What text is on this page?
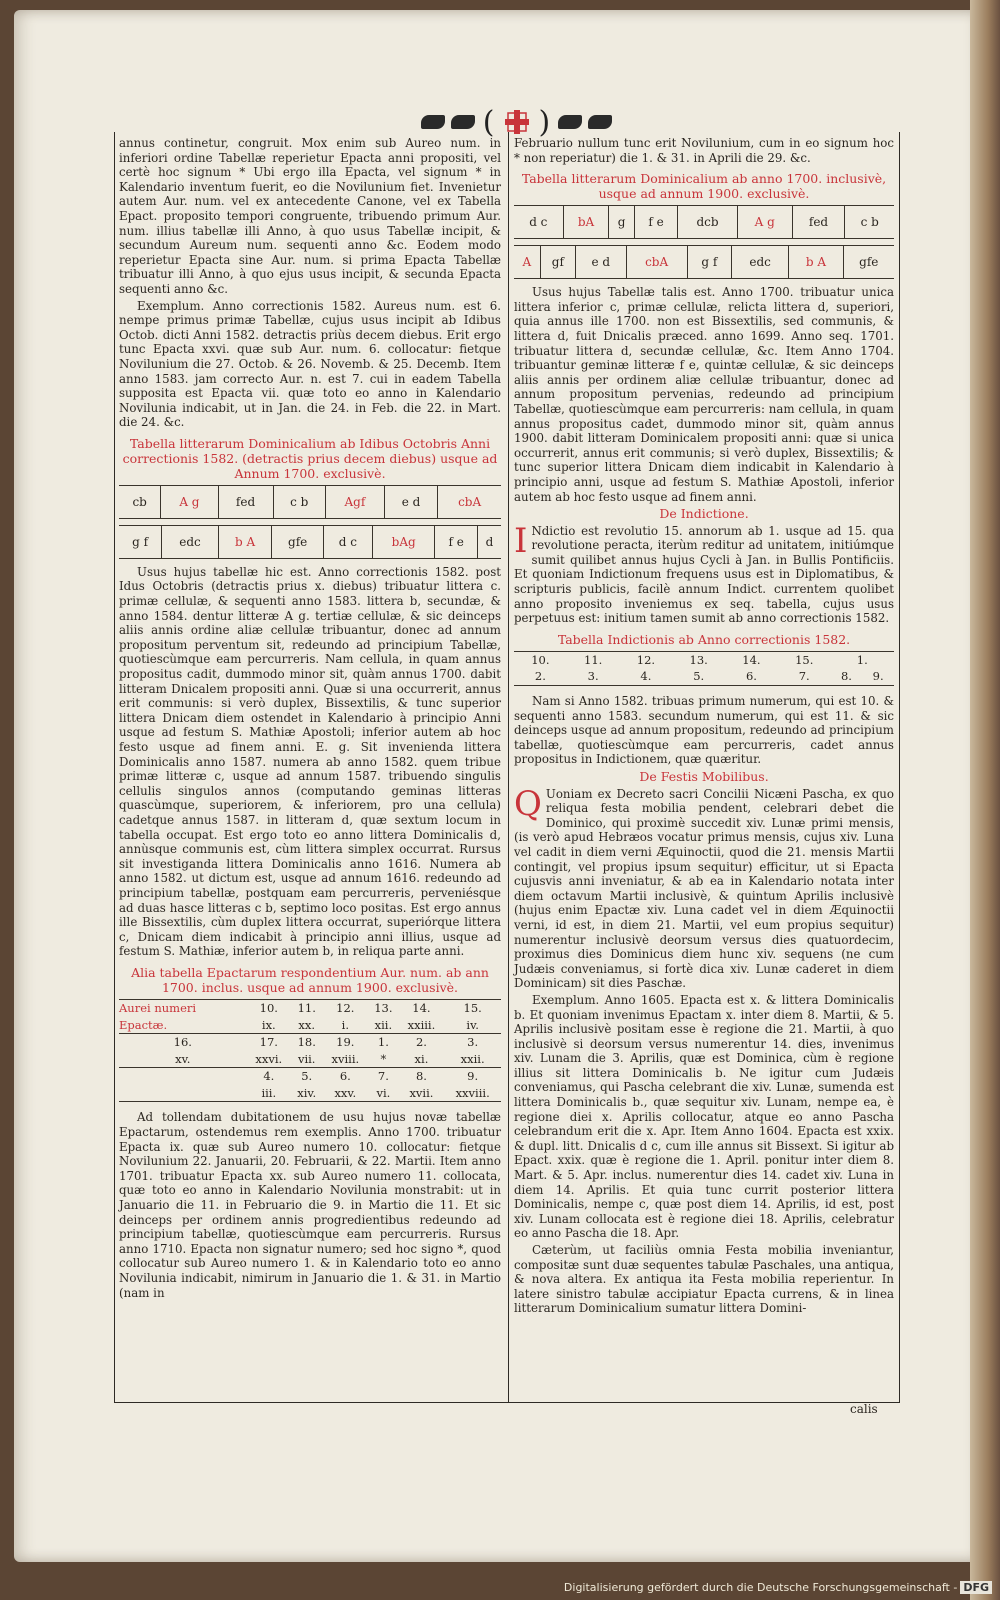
( )

annus continetur, congruit. Mox enim sub Aureo num. in inferiori ordine Tabellæ reperietur Epacta anni propositi, vel certè hoc signum * Ubi ergo illa Epacta, vel signum * in Kalendario inventum fuerit, eo die Novilunium fiet. Invenietur autem Aur. num. vel ex antecedente Canone, vel ex Tabella Epact. proposito tempori congruente, tribuendo primum Aur. num. illius tabellæ illi Anno, à quo usus Tabellæ incipit, & secundum Aureum num. sequenti anno &c. Eodem modo reperietur Epacta sine Aur. num. si prima Epacta Tabellæ tribuatur illi Anno, à quo ejus usus incipit, & secunda Epacta sequenti anno &c.

Exemplum. Anno correctionis 1582. Aureus num. est 6. nempe primus primæ Tabellæ, cujus usus incipit ab Idibus Octob. dicti Anni 1582. detractis priùs decem diebus. Erit ergo tunc Epacta xxvi. quæ sub Aur. num. 6. collocatur: fietque Novilunium die 27. Octob. & 26. Novemb. & 25. Decemb. Item anno 1583. jam correcto Aur. n. est 7. cui in eadem Tabella supposita est Epacta vii. quæ toto eo anno in Kalendario Novilunia indicabit, ut in Jan. die 24. in Feb. die 22. in Mart. die 24. &c.

Tabella litterarum Dominicalium ab Idibus Octobris Anni correctionis 1582. (detractis prius decem diebus) usque ad Annum 1700. exclusivè.
cb	A g	fed	c b	Agf	e d	cbA
g f	edc	b A	gfe	d c	bAg	f e	d

Usus hujus tabellæ hic est. Anno correctionis 1582. post Idus Octobris (detractis prius x. diebus) tribuatur littera c. primæ cellulæ, & sequenti anno 1583. littera b, secundæ, & anno 1584. dentur litteræ A g. tertiæ cellulæ, & sic deinceps aliis annis ordine aliæ cellulæ tribuantur, donec ad annum propositum perventum sit, redeundo ad principium Tabellæ, quotiescùmque eam percurreris. Nam cellula, in quam annus propositus cadit, dummodo minor sit, quàm annus 1700. dabit litteram Dnicalem propositi anni. Quæ si una occurrerit, annus erit communis: si verò duplex, Bissextilis, & tunc superior littera Dnicam diem ostendet in Kalendario à principio Anni usque ad festum S. Mathiæ Apostoli; inferior autem ab hoc festo usque ad finem anni. E. g. Sit invenienda littera Dominicalis anno 1587. numera ab anno 1582. quem tribue primæ litteræ c, usque ad annum 1587. tribuendo singulis cellulis singulos annos (computando geminas litteras quascùmque, superiorem, & inferiorem, pro una cellula) cadetque annus 1587. in litteram d, quæ sextum locum in tabella occupat. Est ergo toto eo anno littera Dominicalis d, annùsque communis est, cùm littera simplex occurrat. Rursus sit investiganda littera Dominicalis anno 1616. Numera ab anno 1582. ut dictum est, usque ad annum 1616. redeundo ad principium tabellæ, postquam eam percurreris, perveniésque ad duas hasce litteras c b, septimo loco positas. Est ergo annus ille Bissextilis, cùm duplex littera occurrat, superiórque littera c, Dnicam diem indicabit à principio anni illius, usque ad festum S. Mathiæ, inferior autem b, in reliqua parte anni.

Alia tabella Epactarum respondentium Aur. num. ab ann 1700. inclus. usque ad annum 1900. exclusivè.
Aurei numeri	10.	11.	12.	13.	14.	15.	
Epactæ.	ix.	xx.	i.	xii.	xxiii.	iv.	
16.	17.	18.	19.	1.	2.	3.	
xv.	xxvi.	vii.	xviii.	*	xi.	xxii.	
	4.	5.	6.	7.	8.	9.	
	iii.	xiv.	xxv.	vi.	xvii.	xxviii.	

Ad tollendam dubitationem de usu hujus novæ tabellæ Epactarum, ostendemus rem exemplis. Anno 1700. tribuatur Epacta ix. quæ sub Aureo numero 10. collocatur: fietque Novilunium 22. Januarii, 20. Februarii, & 22. Martii. Item anno 1701. tribuatur Epacta xx. sub Aureo numero 11. collocata, quæ toto eo anno in Kalendario Novilunia monstrabit: ut in Januario die 11. in Februario die 9. in Martio die 11. Et sic deinceps per ordinem annis progredientibus redeundo ad principium tabellæ, quotiescùmque eam percurreris. Rursus anno 1710. Epacta non signatur numero; sed hoc signo *, quod collocatur sub Aureo numero 1. & in Kalendario toto eo anno Novilunia indicabit, nimirum in Januario die 1. & 31. in Martio (nam in

Februario nullum tunc erit Novilunium, cum in eo signum hoc * non reperiatur) die 1. & 31. in Aprili die 29. &c.

Tabella litterarum Dominicalium ab anno 1700. inclusivè, usque ad annum 1900. exclusivè.
d c	bA	g	f e	dcb	A g	fed	c b
A	gf	e d	cbA	g f	edc	b A	gfe

Usus hujus Tabellæ talis est. Anno 1700. tribuatur unica littera inferior c, primæ cellulæ, relicta littera d, superiori, quia annus ille 1700. non est Bissextilis, sed communis, & littera d, fuit Dnicalis præced. anno 1699. Anno seq. 1701. tribuatur littera d, secundæ cellulæ, &c. Item Anno 1704. tribuantur geminæ litteræ f e, quintæ cellulæ, & sic deinceps aliis annis per ordinem aliæ cellulæ tribuantur, donec ad annum propositum pervenias, redeundo ad principium Tabellæ, quotiescùmque eam percurreris: nam cellula, in quam annus propositus cadet, dummodo minor sit, quàm annus 1900. dabit litteram Dominicalem propositi anni: quæ si unica occurrerit, annus erit communis; si verò duplex, Bissextilis; & tunc superior littera Dnicam diem indicabit in Kalendario à principio anni, usque ad festum S. Mathiæ Apostoli, inferior autem ab hoc festo usque ad finem anni.

De Indictione.

I Ndictio est revolutio 15. annorum ab 1. usque ad 15. qua revolutione peracta, iterùm reditur ad unitatem, initiúmque sumit quilibet annus hujus Cycli à Jan. in Bullis Pontificiis. Et quoniam Indictionum frequens usus est in Diplomatibus, & scripturis publicis, facilè annum Indict. currentem quolibet anno proposito inveniemus ex seq. tabella, cujus usus perpetuus est: initium tamen sumit ab anno correctionis 1582.

Tabella Indictionis ab Anno correctionis 1582.
10.	11.	12.	13.	14.	15.	1.	
2.	3.	4.	5.	6.	7.	8.	9.

Nam si Anno 1582. tribuas primum numerum, qui est 10. & sequenti anno 1583. secundum numerum, qui est 11. & sic deinceps usque ad annum propositum, redeundo ad principium tabellæ, quotiescùmque eam percurreris, cadet annus propositus in Indictionem, quæ quæritur.

De Festis Mobilibus.

Q Uoniam ex Decreto sacri Concilii Nicæni Pascha, ex quo reliqua festa mobilia pendent, celebrari debet die Dominico, qui proximè succedit xiv. Lunæ primi mensis, (is verò apud Hebræos vocatur primus mensis, cujus xiv. Luna vel cadit in diem verni Æquinoctii, quod die 21. mensis Martii contingit, vel propius ipsum sequitur) efficitur, ut si Epacta cujusvis anni inveniatur, & ab ea in Kalendario notata inter diem octavum Martii inclusivè, & quintum Aprilis inclusivè (hujus enim Epactæ xiv. Luna cadet vel in diem Æquinoctii verni, id est, in diem 21. Martii, vel eum propius sequitur) numerentur inclusivè deorsum versus dies quatuordecim, proximus dies Dominicus diem hunc xiv. sequens (ne cum Judæis conveniamus, si fortè dica xiv. Lunæ caderet in diem Dominicam) sit dies Paschæ.

Exemplum. Anno 1605. Epacta est x. & littera Dominicalis b. Et quoniam invenimus Epactam x. inter diem 8. Martii, & 5. Aprilis inclusivè positam esse è regione die 21. Martii, à quo inclusivè si deorsum versus numerentur 14. dies, invenimus xiv. Lunam die 3. Aprilis, quæ est Dominica, cùm è regione illius sit littera Dominicalis b. Ne igitur cum Judæis conveniamus, qui Pascha celebrant die xiv. Lunæ, sumenda est littera Dominicalis b., quæ sequitur xiv. Lunam, nempe ea, è regione diei x. Aprilis collocatur, atque eo anno Pascha celebrandum erit die x. Apr. Item Anno 1604. Epacta est xxix. & dupl. litt. Dnicalis d c, cum ille annus sit Bissext. Si igitur ab Epact. xxix. quæ è regione die 1. April. ponitur inter diem 8. Mart. & 5. Apr. inclus. numerentur dies 14. cadet xiv. Luna in diem 14. Aprilis. Et quia tunc currit posterior littera Dominicalis, nempe c, quæ post diem 14. Aprilis, id est, post xiv. Lunam collocata est è regione diei 18. Aprilis, celebratur eo anno Pascha die 18. Apr.

Cæterùm, ut faciliùs omnia Festa mobilia inveniantur, compositæ sunt duæ sequentes tabulæ Paschales, una antiqua, & nova altera. Ex antiqua ita Festa mobilia reperientur. In latere sinistro tabulæ accipiatur Epacta currens, & in linea litterarum Dominicalium sumatur littera Domini-

calis
Digitalisierung gefördert durch die Deutsche Forschungsgemeinschaft - DFG
